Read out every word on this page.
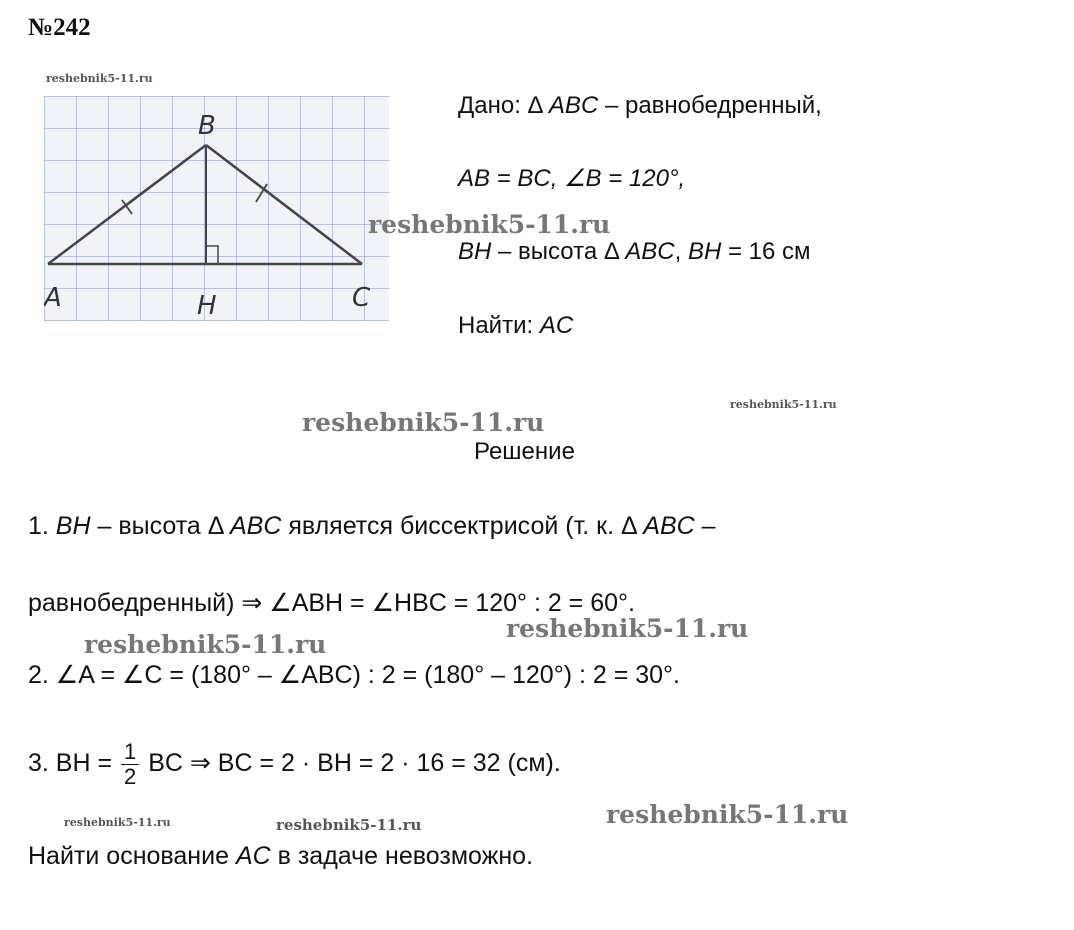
№242
reshebnik5-11.ru
B
A	H	C
Дано: Δ ABC – равнобедренный,
AB = BC, ∠B = 120°,
reshebnik5-11.ru
BH – высота Δ ABC, BH = 16 см
Найти: AC
reshebnik5-11.ru
reshebnik5-11.ru
Решение
1. BH – высота Δ ABC является биссектрисой (т. к. Δ ABC –
равнобедренный) ⇒ ∠ABH = ∠HBC = 120° : 2 = 60°.
reshebnik5-11.ru
reshebnik5-11.ru
2. ∠A = ∠C = (180° – ∠ABC) : 2 = (180° – 120°) : 2 = 30°.
3. BH = $\frac{1}{2}$ BC ⇒ BC = 2 · BH = 2 · 16 = 32 (см).
reshebnik5-11.ru	reshebnik5-11.ru	reshebnik5-11.ru
Найти основание AC в задаче невозможно.
